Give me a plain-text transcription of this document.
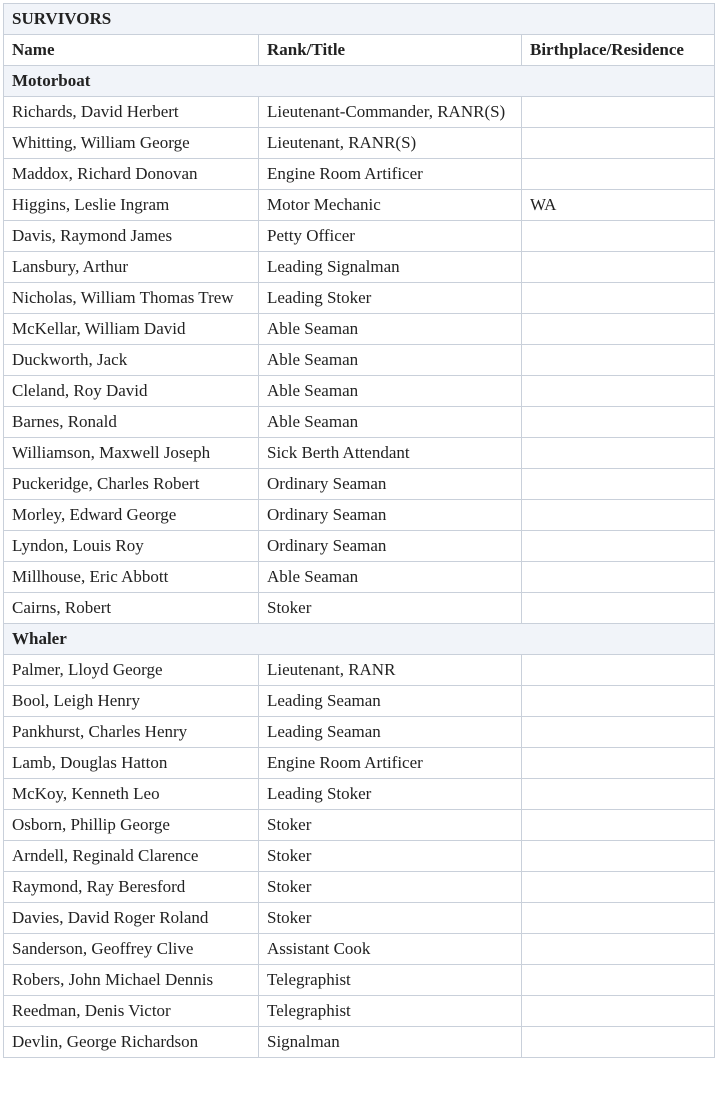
SURVIVORS		
Name	Rank/Title	Birthplace/Residence
Motorboat		
Richards, David Herbert	Lieutenant-Commander, RANR(S)	
Whitting, William George	Lieutenant, RANR(S)	
Maddox, Richard Donovan	Engine Room Artificer	
Higgins, Leslie Ingram	Motor Mechanic	WA
Davis, Raymond James	Petty Officer	
Lansbury, Arthur	Leading Signalman	
Nicholas, William Thomas Trew	Leading Stoker	
McKellar, William David	Able Seaman	
Duckworth, Jack	Able Seaman	
Cleland, Roy David	Able Seaman	
Barnes, Ronald	Able Seaman	
Williamson, Maxwell Joseph	Sick Berth Attendant	
Puckeridge, Charles Robert	Ordinary Seaman	
Morley, Edward George	Ordinary Seaman	
Lyndon, Louis Roy	Ordinary Seaman	
Millhouse, Eric Abbott	Able Seaman	
Cairns, Robert	Stoker	
Whaler		
Palmer, Lloyd George	Lieutenant, RANR	
Bool, Leigh Henry	Leading Seaman	
Pankhurst, Charles Henry	Leading Seaman	
Lamb, Douglas Hatton	Engine Room Artificer	
McKoy, Kenneth Leo	Leading Stoker	
Osborn, Phillip George	Stoker	
Arndell, Reginald Clarence	Stoker	
Raymond, Ray Beresford	Stoker	
Davies, David Roger Roland	Stoker	
Sanderson, Geoffrey Clive	Assistant Cook	
Robers, John Michael Dennis	Telegraphist	
Reedman, Denis Victor	Telegraphist	
Devlin, George Richardson	Signalman	
